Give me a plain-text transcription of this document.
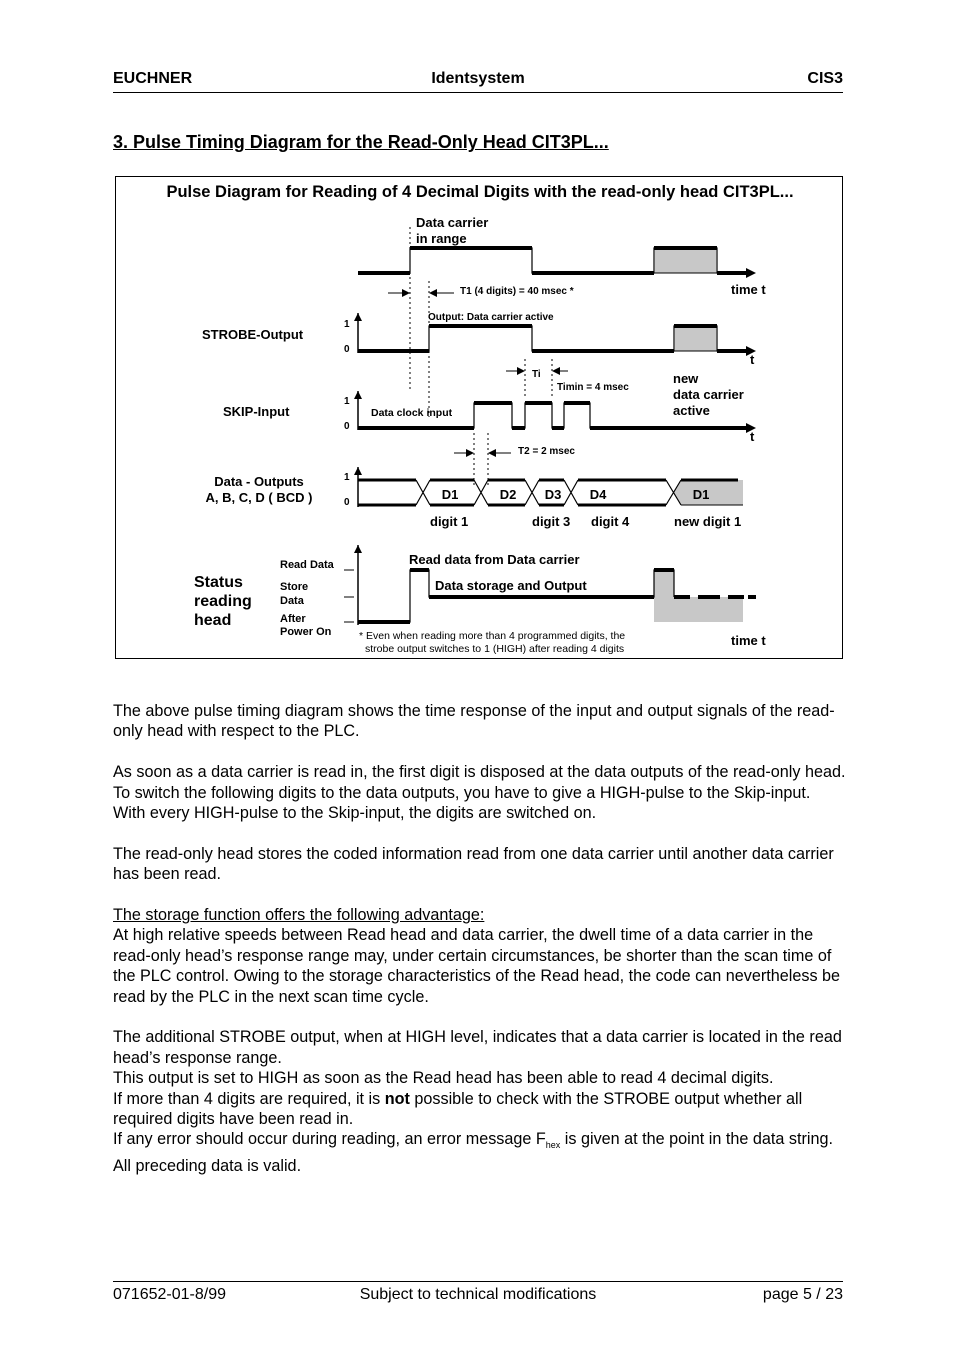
EUCHNER	Identsystem	CIS3
3. Pulse Timing Diagram for the Read-Only Head CIT3PL...
Pulse Diagram for Reading of 4 Decimal Digits with the read-only head CIT3PL...
Data carrier
in range
time t
T1 (4 digits) = 40 msec *
Output: Data carrier active
STROBE-Output
1
0
t
Ti
Timin = 4 msec
new
data carrier
active
SKIP-Input
1
0
Data clock input
t
T2 = 2 msec
Data - Outputs
A, B, C, D ( BCD )
1
0
D1	D2 D3 D4	D1
digit 1	digit 3 digit 4	new digit 1
Status
reading
head
Read Data
Store
Data
After
Power On
Read data from Data carrier
Data storage and Output
* Even when reading more than 4 programmed digits, the
strobe output switches to 1 (HIGH) after reading 4 digits
time t

The above pulse timing diagram shows the time response of the input and output signals of the read-only head with respect to the PLC.

As soon as a data carrier is read in, the first digit is disposed at the data outputs of the read-only head. To switch the following digits to the data outputs, you have to give a HIGH-pulse to the Skip-input.
With every HIGH-pulse to the Skip-input, the digits are switched on.

The read-only head stores the coded information read from one data carrier until another data carrier has been read.

The storage function offers the following advantage:
At high relative speeds between Read head and data carrier, the dwell time of a data carrier in the read-only head’s response range may, under certain circumstances, be shorter than the scan time of the PLC control. Owing to the storage characteristics of the Read head, the code can nevertheless be read by the PLC in the next scan time cycle.

The additional STROBE output, when at HIGH level, indicates that a data carrier is located in the read head’s response range.
This output is set to HIGH as soon as the Read head has been able to read 4 decimal digits.
If more than 4 digits are required, it is not possible to check with the STROBE output whether all required digits have been read in.
If any error should occur during reading, an error message $F_{hex}$ is given at the point in the data string. All preceding data is valid.

071652-01-8/99	Subject to technical modifications	page 5 / 23
